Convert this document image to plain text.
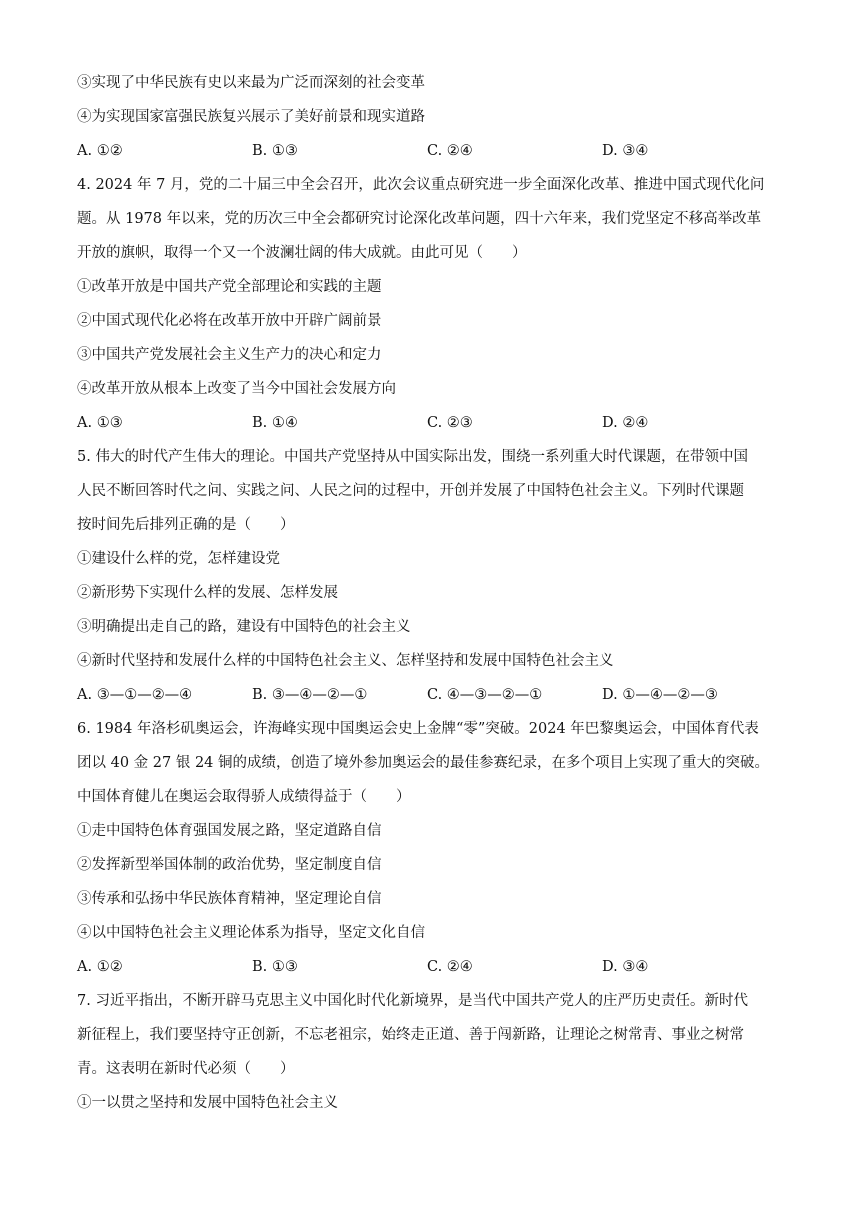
③实现了中华民族有史以来最为广泛而深刻的社会变革
④为实现国家富强民族复兴展示了美好前景和现实道路
A. ①②	B. ①③	C. ②④	D. ③④
4. 2024 年 7 月，党的二十届三中全会召开，此次会议重点研究进一步全面深化改革、推进中国式现代化问
题。从 1978 年以来，党的历次三中全会都研究讨论深化改革问题，四十六年来，我们党坚定不移高举改革
开放的旗帜，取得一个又一个波澜壮阔的伟大成就。由此可见（　　）
①改革开放是中国共产党全部理论和实践的主题
②中国式现代化必将在改革开放中开辟广阔前景
③中国共产党发展社会主义生产力的决心和定力
④改革开放从根本上改变了当今中国社会发展方向
A. ①③	B. ①④	C. ②③	D. ②④
5. 伟大的时代产生伟大的理论。中国共产党坚持从中国实际出发，围绕一系列重大时代课题，在带领中国
人民不断回答时代之问、实践之问、人民之问的过程中，开创并发展了中国特色社会主义。下列时代课题
按时间先后排列正确的是（　　）
①建设什么样的党，怎样建设党
②新形势下实现什么样的发展、怎样发展
③明确提出走自己的路，建设有中国特色的社会主义
④新时代坚持和发展什么样的中国特色社会主义、怎样坚持和发展中国特色社会主义
A. ③—①—②—④	B. ③—④—②—①	C. ④—③—②—①	D. ①—④—②—③
6. 1984 年洛杉矶奥运会，许海峰实现中国奥运会史上金牌“零”突破。2024 年巴黎奥运会，中国体育代表
团以 40 金 27 银 24 铜的成绩，创造了境外参加奥运会的最佳参赛纪录，在多个项目上实现了重大的突破。
中国体育健儿在奥运会取得骄人成绩得益于（　　）
①走中国特色体育强国发展之路，坚定道路自信
②发挥新型举国体制的政治优势，坚定制度自信
③传承和弘扬中华民族体育精神，坚定理论自信
④以中国特色社会主义理论体系为指导，坚定文化自信
A. ①②	B. ①③	C. ②④	D. ③④
7. 习近平指出，不断开辟马克思主义中国化时代化新境界，是当代中国共产党人的庄严历史责任。新时代
新征程上，我们要坚持守正创新，不忘老祖宗，始终走正道、善于闯新路，让理论之树常青、事业之树常
青。这表明在新时代必须（　　）
①一以贯之坚持和发展中国特色社会主义
